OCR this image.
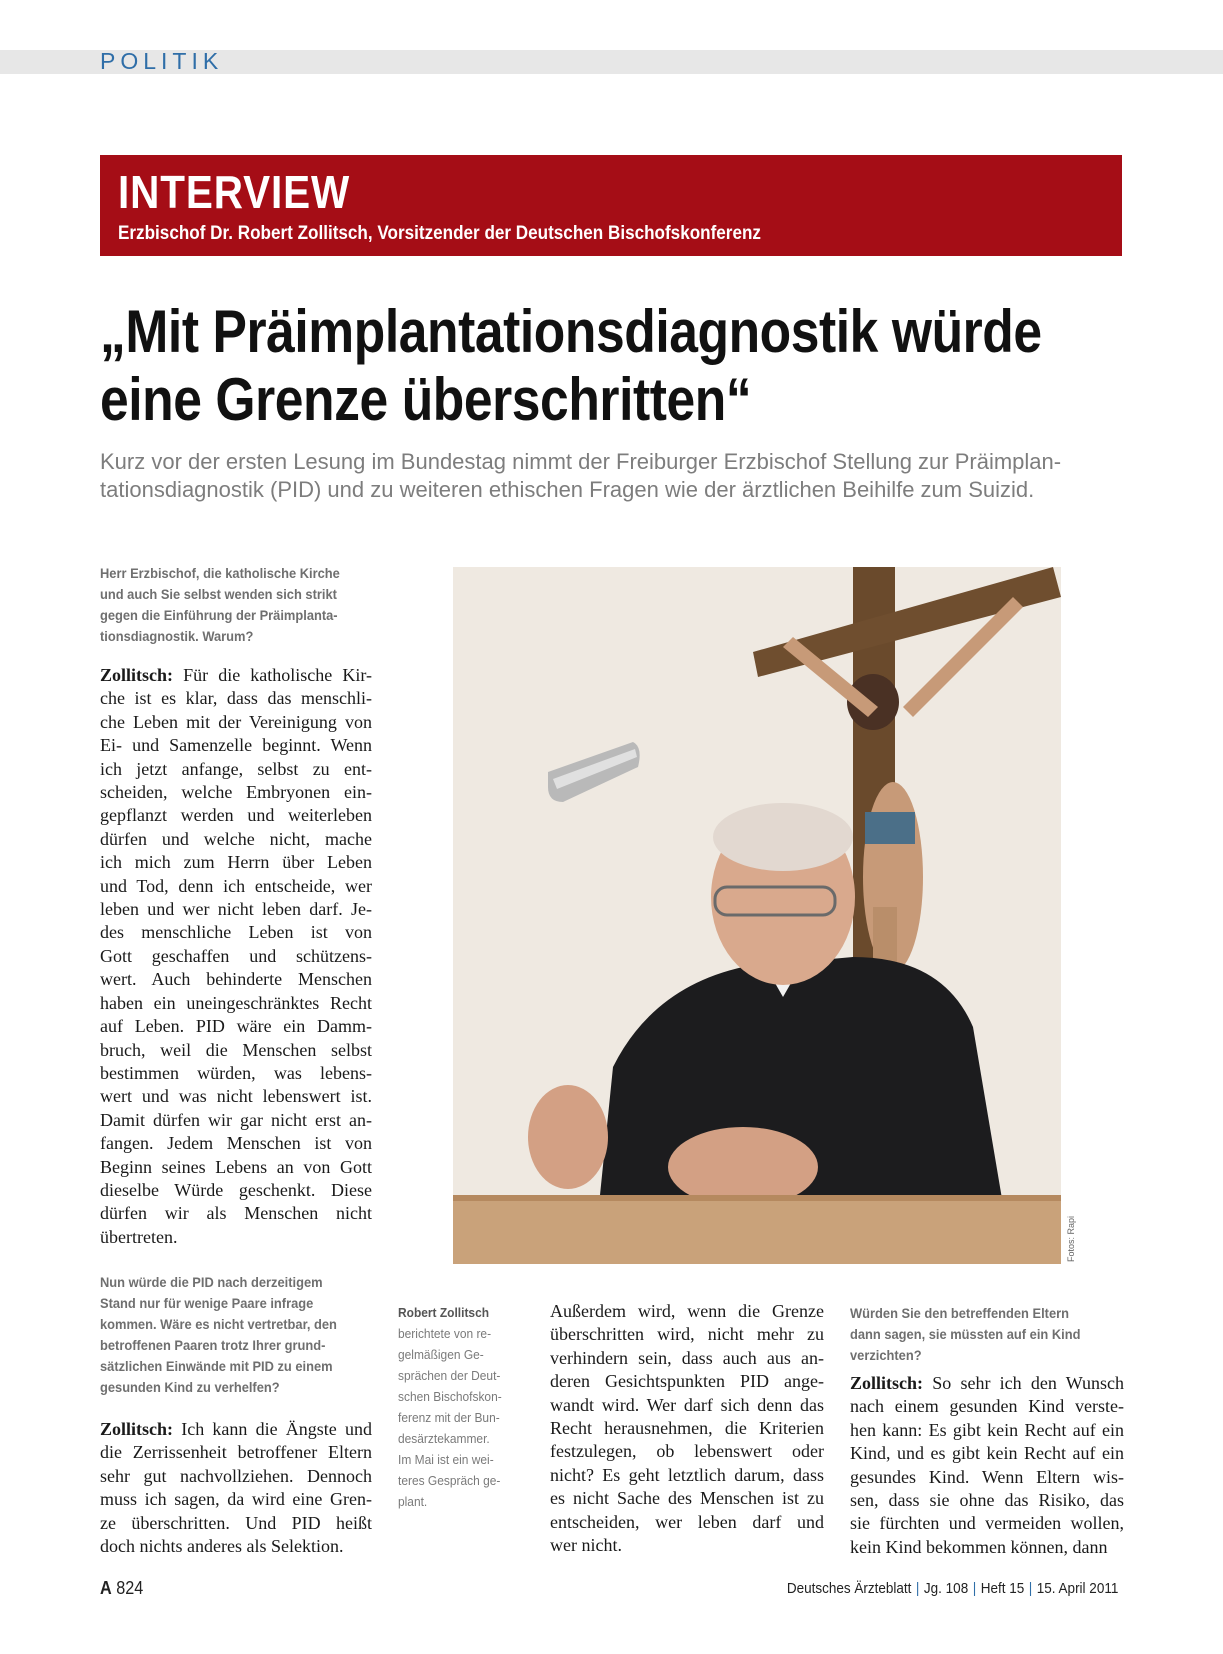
POLITIK
INTERVIEW
Erzbischof Dr. Robert Zollitsch, Vorsitzender der Deutschen Bischofskonferenz
„Mit Präimplantationsdiagnostik würde
eine Grenze überschritten“
Kurz vor der ersten Lesung im Bundestag nimmt der Freiburger Erzbischof Stellung zur Präimplan-
tationsdiagnostik (PID) und zu weiteren ethischen Fragen wie der ärztlichen Beihilfe zum Suizid.
Herr Erzbischof, die katholische Kirche
und auch Sie selbst wenden sich strikt
gegen die Einführung der Präimplanta-
tionsdiagnostik. Warum?
Zollitsch: Für die katholische Kir-
che ist es klar, dass das menschli-
che Leben mit der Vereinigung von
Ei- und Samenzelle beginnt. Wenn
ich jetzt anfange, selbst zu ent-
scheiden, welche Embryonen ein-
gepflanzt werden und weiterleben
dürfen und welche nicht, mache
ich mich zum Herrn über Leben
und Tod, denn ich entscheide, wer
leben und wer nicht leben darf. Je-
des menschliche Leben ist von
Gott geschaffen und schützens-
wert. Auch behinderte Menschen
haben ein uneingeschränktes Recht
auf Leben. PID wäre ein Damm-
bruch, weil die Menschen selbst
bestimmen würden, was lebens-
wert und was nicht lebenswert ist.
Damit dürfen wir gar nicht erst an-
fangen. Jedem Menschen ist von
Beginn seines Lebens an von Gott
dieselbe Würde geschenkt. Diese
dürfen wir als Menschen nicht
übertreten.
Nun würde die PID nach derzeitigem
Stand nur für wenige Paare infrage
kommen. Wäre es nicht vertretbar, den
betroffenen Paaren trotz Ihrer grund-
sätzlichen Einwände mit PID zu einem
gesunden Kind zu verhelfen?
Zollitsch: Ich kann die Ängste und
die Zerrissenheit betroffener Eltern
sehr gut nachvollziehen. Dennoch
muss ich sagen, da wird eine Gren-
ze überschritten. Und PID heißt
doch nichts anderes als Selektion.
Fotos: Rapi
Robert Zollitsch
berichtete von re-
gelmäßigen Ge-
sprächen der Deut-
schen Bischofskon-
ferenz mit der Bun-
desärztekammer.
Im Mai ist ein wei-
teres Gespräch ge-
plant.
Außerdem wird, wenn die Grenze
überschritten wird, nicht mehr zu
verhindern sein, dass auch aus an-
deren Gesichtspunkten PID ange-
wandt wird. Wer darf sich denn das
Recht herausnehmen, die Kriterien
festzulegen, ob lebenswert oder
nicht? Es geht letztlich darum, dass
es nicht Sache des Menschen ist zu
entscheiden, wer leben darf und
wer nicht.
Würden Sie den betreffenden Eltern
dann sagen, sie müssten auf ein Kind
verzichten?
Zollitsch: So sehr ich den Wunsch
nach einem gesunden Kind verste-
hen kann: Es gibt kein Recht auf ein
Kind, und es gibt kein Recht auf ein
gesundes Kind. Wenn Eltern wis-
sen, dass sie ohne das Risiko, das
sie fürchten und vermeiden wollen,
kein Kind bekommen können, dann
A 824	Deutsches Ärzteblatt | Jg. 108 | Heft 15 | 15. April 2011
